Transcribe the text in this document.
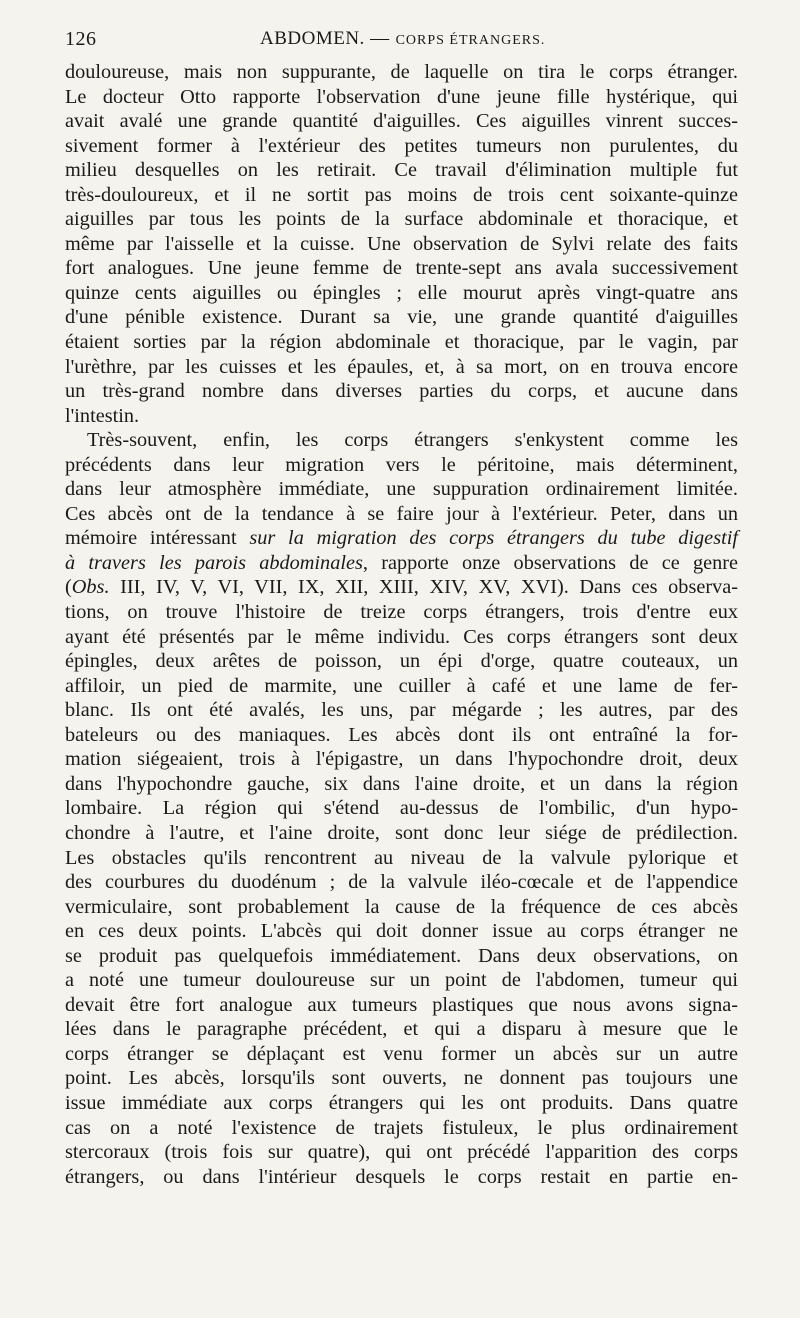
126	ABDOMEN. — CORPS ÉTRANGERS.

douloureuse, mais non suppurante, de laquelle on tira le corps étranger.
Le docteur Otto rapporte l'observation d'une jeune fille hystérique, qui
avait avalé une grande quantité d'aiguilles. Ces aiguilles vinrent succes-
sivement former à l'extérieur des petites tumeurs non purulentes, du
milieu desquelles on les retirait. Ce travail d'élimination multiple fut
très-douloureux, et il ne sortit pas moins de trois cent soixante-quinze
aiguilles par tous les points de la surface abdominale et thoracique, et
même par l'aisselle et la cuisse. Une observation de Sylvi relate des faits
fort analogues. Une jeune femme de trente-sept ans avala successivement
quinze cents aiguilles ou épingles ; elle mourut après vingt-quatre ans
d'une pénible existence. Durant sa vie, une grande quantité d'aiguilles
étaient sorties par la région abdominale et thoracique, par le vagin, par
l'urèthre, par les cuisses et les épaules, et, à sa mort, on en trouva encore
un très-grand nombre dans diverses parties du corps, et aucune dans
l'intestin.

Très-souvent, enfin, les corps étrangers s'enkystent comme les
précédents dans leur migration vers le péritoine, mais déterminent,
dans leur atmosphère immédiate, une suppuration ordinairement limitée.
Ces abcès ont de la tendance à se faire jour à l'extérieur. Peter, dans un
mémoire intéressant sur la migration des corps étrangers du tube digestif
à travers les parois abdominales, rapporte onze observations de ce genre
(Obs. III, IV, V, VI, VII, IX, XII, XIII, XIV, XV, XVI). Dans ces observa-
tions, on trouve l'histoire de treize corps étrangers, trois d'entre eux
ayant été présentés par le même individu. Ces corps étrangers sont deux
épingles, deux arêtes de poisson, un épi d'orge, quatre couteaux, un
affiloir, un pied de marmite, une cuiller à café et une lame de fer-
blanc. Ils ont été avalés, les uns, par mégarde ; les autres, par des
bateleurs ou des maniaques. Les abcès dont ils ont entraîné la for-
mation siégeaient, trois à l'épigastre, un dans l'hypochondre droit, deux
dans l'hypochondre gauche, six dans l'aine droite, et un dans la région
lombaire. La région qui s'étend au-dessus de l'ombilic, d'un hypo-
chondre à l'autre, et l'aine droite, sont donc leur siége de prédilection.
Les obstacles qu'ils rencontrent au niveau de la valvule pylorique et
des courbures du duodénum ; de la valvule iléo-cœcale et de l'appendice
vermiculaire, sont probablement la cause de la fréquence de ces abcès
en ces deux points. L'abcès qui doit donner issue au corps étranger ne
se produit pas quelquefois immédiatement. Dans deux observations, on
a noté une tumeur douloureuse sur un point de l'abdomen, tumeur qui
devait être fort analogue aux tumeurs plastiques que nous avons signa-
lées dans le paragraphe précédent, et qui a disparu à mesure que le
corps étranger se déplaçant est venu former un abcès sur un autre
point. Les abcès, lorsqu'ils sont ouverts, ne donnent pas toujours une
issue immédiate aux corps étrangers qui les ont produits. Dans quatre
cas on a noté l'existence de trajets fistuleux, le plus ordinairement
stercoraux (trois fois sur quatre), qui ont précédé l'apparition des corps
étrangers, ou dans l'intérieur desquels le corps restait en partie en-
